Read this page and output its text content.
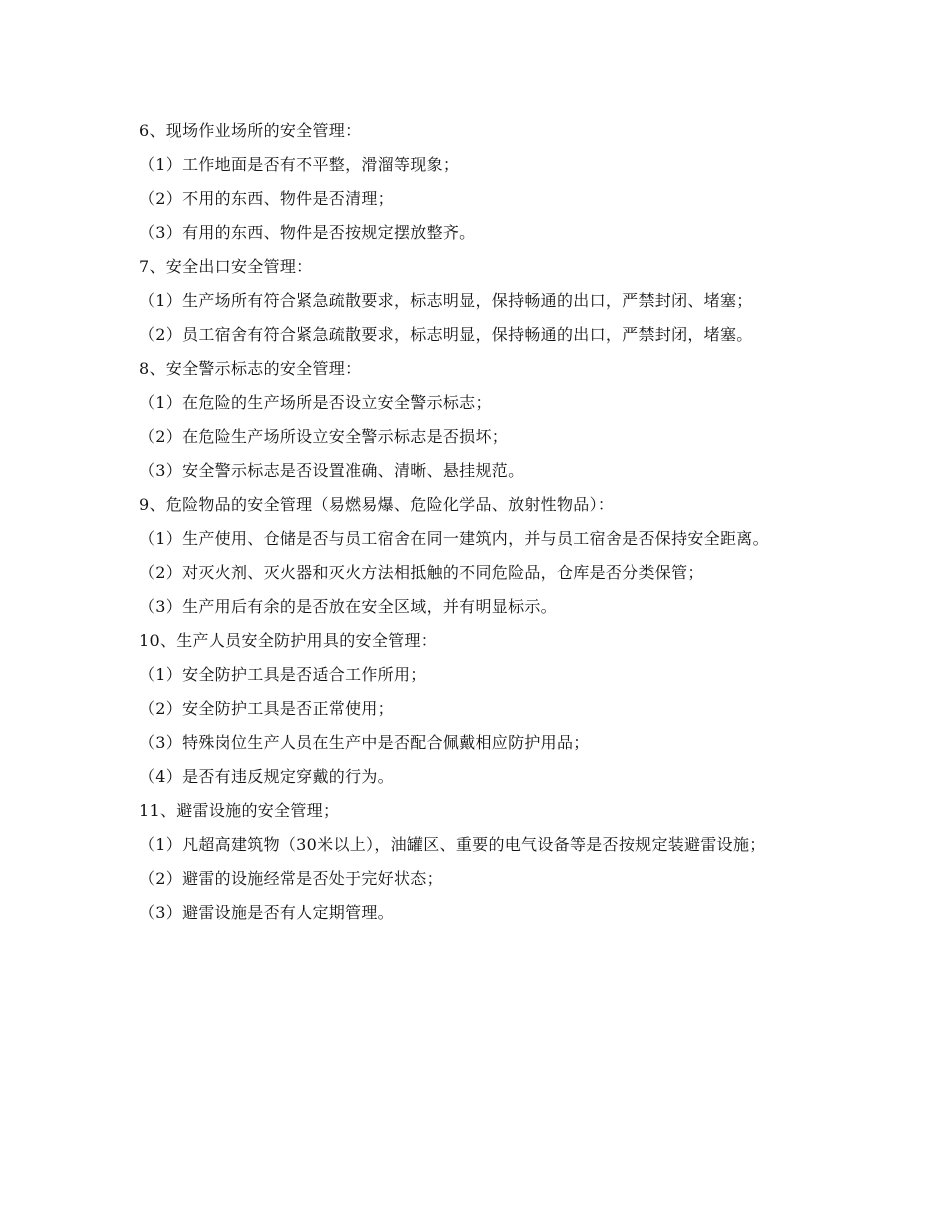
6、现场作业场所的安全管理：
（1）工作地面是否有不平整，滑溜等现象；
（2）不用的东西、物件是否清理；
（3）有用的东西、物件是否按规定摆放整齐。
7、安全出口安全管理：
（1）生产场所有符合紧急疏散要求，标志明显，保持畅通的出口，严禁封闭、堵塞；
（2）员工宿舍有符合紧急疏散要求，标志明显，保持畅通的出口，严禁封闭，堵塞。
8、安全警示标志的安全管理：
（1）在危险的生产场所是否设立安全警示标志；
（2）在危险生产场所设立安全警示标志是否损坏；
（3）安全警示标志是否设置准确、清晰、悬挂规范。
9、危险物品的安全管理（易燃易爆、危险化学品、放射性物品）：
（1）生产使用、仓储是否与员工宿舍在同一建筑内，并与员工宿舍是否保持安全距离。
（2）对灭火剂、灭火器和灭火方法相抵触的不同危险品，仓库是否分类保管；
（3）生产用后有余的是否放在安全区域，并有明显标示。
10、生产人员安全防护用具的安全管理：
（1）安全防护工具是否适合工作所用；
（2）安全防护工具是否正常使用；
（3）特殊岗位生产人员在生产中是否配合佩戴相应防护用品；
（4）是否有违反规定穿戴的行为。
11、避雷设施的安全管理；
（1）凡超高建筑物（30米以上），油罐区、重要的电气设备等是否按规定装避雷设施；
（2）避雷的设施经常是否处于完好状态；
（3）避雷设施是否有人定期管理。
